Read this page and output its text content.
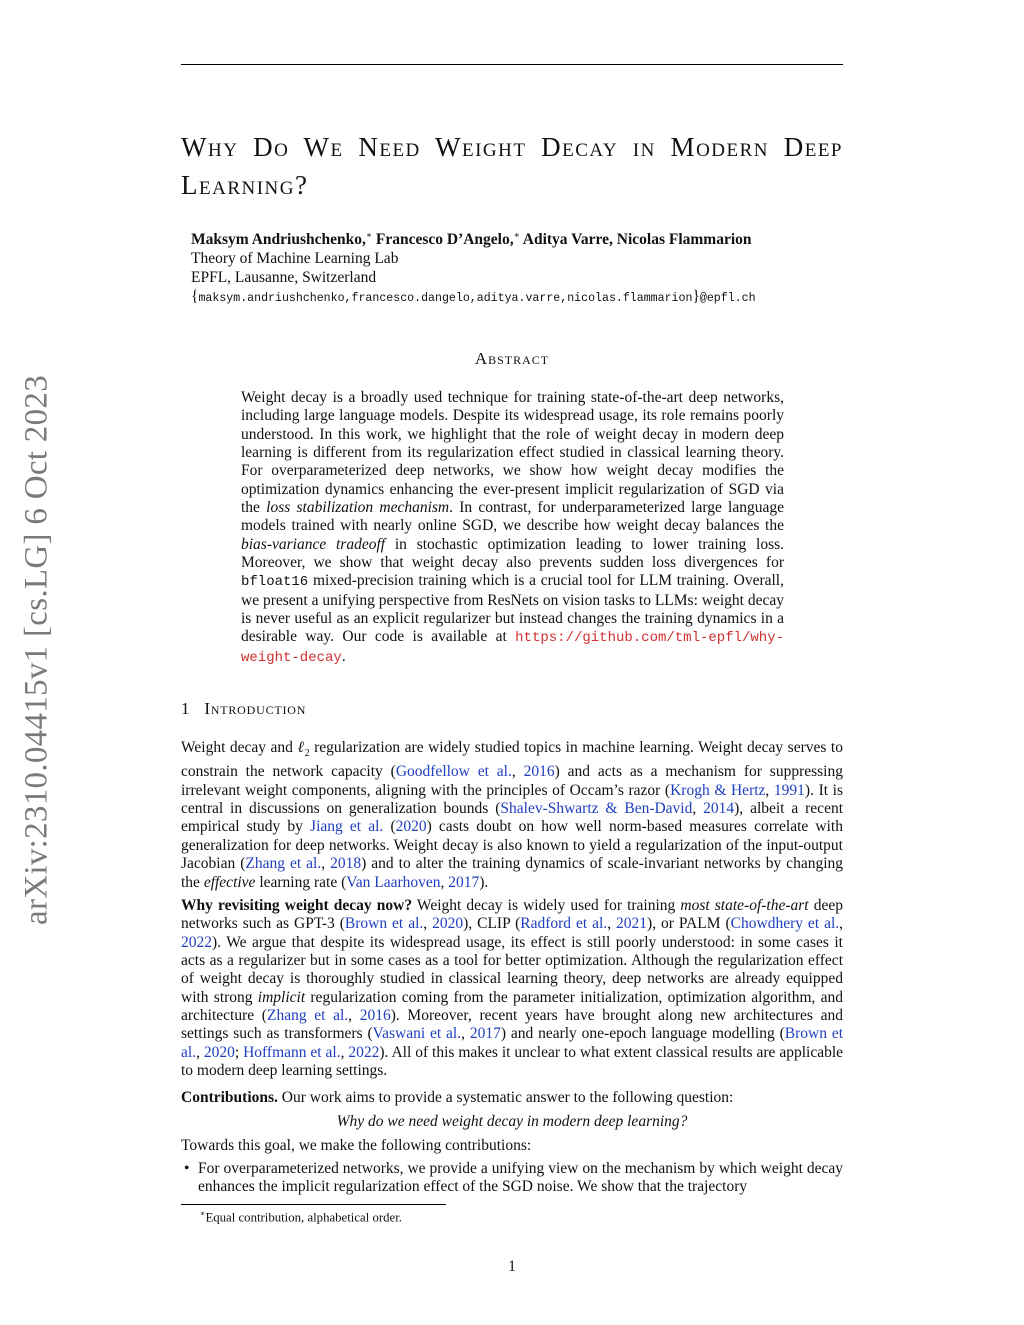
arXiv:2310.04415v1 [cs.LG] 6 Oct 2023
Why Do We Need Weight Decay in Modern Deep Learning?
Maksym Andriushchenko,∗ Francesco D’Angelo,∗ Aditya Varre, Nicolas Flammarion
Theory of Machine Learning Lab
EPFL, Lausanne, Switzerland
{maksym.andriushchenko,francesco.dangelo,aditya.varre,nicolas.flammarion}@epfl.ch
Abstract

Weight decay is a broadly used technique for training state-of-the-art deep networks, including large language models. Despite its widespread usage, its role remains poorly understood. In this work, we highlight that the role of weight decay in modern deep learning is different from its regularization effect studied in classical learning theory. For overparameterized deep networks, we show how weight decay modifies the optimization dynamics enhancing the ever-present implicit regularization of SGD via the loss stabilization mechanism. In contrast, for underparameterized large language models trained with nearly online SGD, we describe how weight decay balances the bias-variance tradeoff in stochastic optimization leading to lower training loss. Moreover, we show that weight decay also prevents sudden loss divergences for bfloat16 mixed-precision training which is a crucial tool for LLM training. Overall, we present a unifying perspective from ResNets on vision tasks to LLMs: weight decay is never useful as an explicit regularizer but instead changes the training dynamics in a desirable way. Our code is available at https://github.com/tml-epfl/why-weight-decay.

1 Introduction

Weight decay and ℓ$_2$ regularization are widely studied topics in machine learning. Weight decay serves to constrain the network capacity (Goodfellow et al., 2016) and acts as a mechanism for suppressing irrelevant weight components, aligning with the principles of Occam’s razor (Krogh & Hertz, 1991). It is central in discussions on generalization bounds (Shalev-Shwartz & Ben-David, 2014), albeit a recent empirical study by Jiang et al. (2020) casts doubt on how well norm-based measures correlate with generalization for deep networks. Weight decay is also known to yield a regularization of the input-output Jacobian (Zhang et al., 2018) and to alter the training dynamics of scale-invariant networks by changing the effective learning rate (Van Laarhoven, 2017).

Why revisiting weight decay now? Weight decay is widely used for training most state-of-the-art deep networks such as GPT-3 (Brown et al., 2020), CLIP (Radford et al., 2021), or PALM (Chowdhery et al., 2022). We argue that despite its widespread usage, its effect is still poorly understood: in some cases it acts as a regularizer but in some cases as a tool for better optimization. Although the regularization effect of weight decay is thoroughly studied in classical learning theory, deep networks are already equipped with strong implicit regularization coming from the parameter initialization, optimization algorithm, and architecture (Zhang et al., 2016). Moreover, recent years have brought along new architectures and settings such as transformers (Vaswani et al., 2017) and nearly one-epoch language modelling (Brown et al., 2020; Hoffmann et al., 2022). All of this makes it unclear to what extent classical results are applicable to modern deep learning settings.

Contributions. Our work aims to provide a systematic answer to the following question:

Why do we need weight decay in modern deep learning?

Towards this goal, we make the following contributions:

• For overparameterized networks, we provide a unifying view on the mechanism by which weight decay enhances the implicit regularization effect of the SGD noise. We show that the trajectory
∗Equal contribution, alphabetical order.
1
